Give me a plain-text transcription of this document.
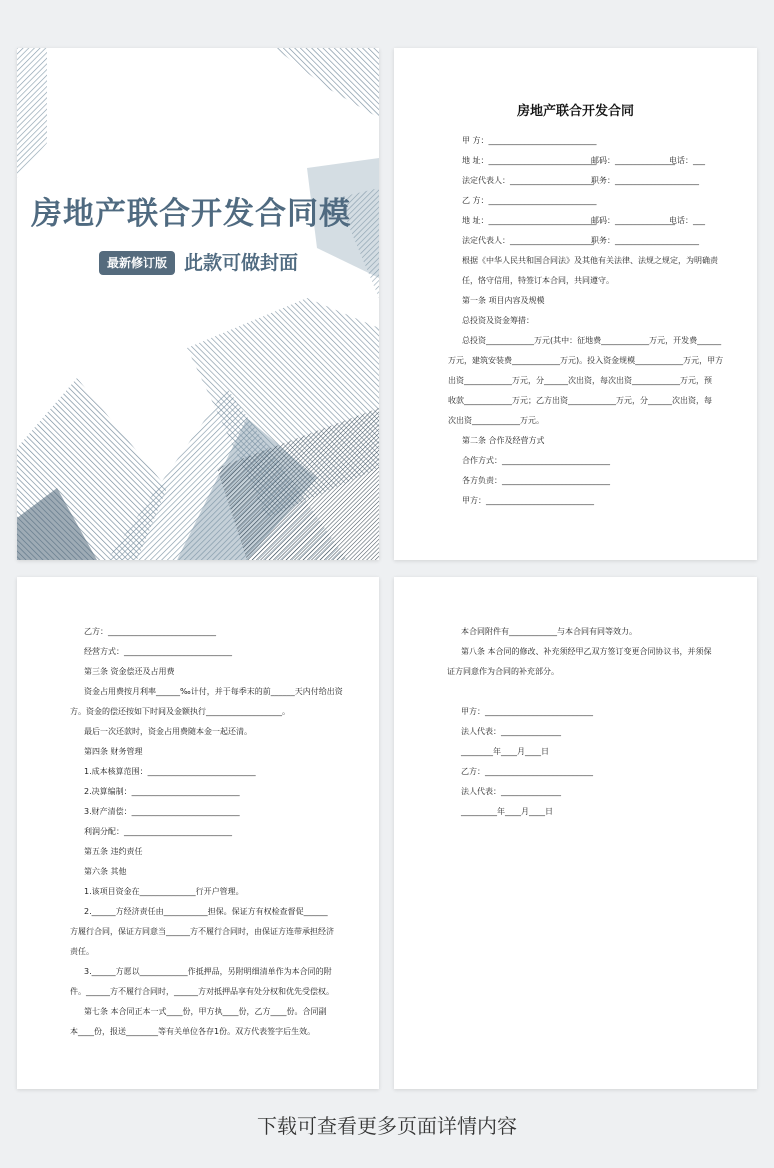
房地产联合开发合同模
最新修订版 此款可做封面
房地产联合开发合同
甲 方：___________________________
地 址：___________________________
邮码：_______________
电话：___
法定代表人：_____________________
职务：_____________________
乙 方：___________________________
地 址：___________________________
邮码：_______________
电话：___
法定代表人：_____________________
职务：_____________________
根据《中华人民共和国合同法》及其他有关法律、法规之规定，为明确责
任，恪守信用，特签订本合同，共同遵守。
第一条 项目内容及规模
总投资及资金筹措：
总投资____________万元(其中：征地费____________万元，开发费______
万元，建筑安装费____________万元)。投入资金规模____________万元，甲方
出资____________万元，分______次出资，每次出资____________万元，预
收款____________万元；乙方出资____________万元，分______次出资，每
次出资____________万元。
第二条 合作及经营方式
合作方式：___________________________
各方负责：___________________________
甲方：___________________________
乙方：___________________________
经营方式：___________________________
第三条 资金偿还及占用费
资金占用费按月利率______‰计付，并于每季末的前______天内付给出资
方。资金的偿还按如下时间及金额执行___________________。
最后一次还款时，资金占用费随本金一起还清。
第四条 财务管理
1.成本核算范围：___________________________
2.决算编制：___________________________
3.财产清偿：___________________________
利润分配：___________________________
第五条 违约责任
第六条 其他
1.该项目资金在______________行开户管理。
2.______方经济责任由___________担保。保证方有权检查督促______
方履行合同，保证方同意当______方不履行合同时，由保证方连带承担经济
责任。
3.______方愿以____________作抵押品，另附明细清单作为本合同的附
件。______方不履行合同时，______方对抵押品享有处分权和优先受偿权。
第七条 本合同正本一式____份，甲方执____份，乙方____份。合同副
本____份，报送________等有关单位各存1份。双方代表签字后生效。
本合同附件有____________与本合同有同等效力。
第八条 本合同的修改、补充须经甲乙双方签订变更合同协议书，并须保
证方同意作为合同的补充部分。
甲方：___________________________
法人代表：_______________
________年____月____日
乙方：___________________________
法人代表：_______________
_________年____月____日
下载可查看更多页面详情内容
